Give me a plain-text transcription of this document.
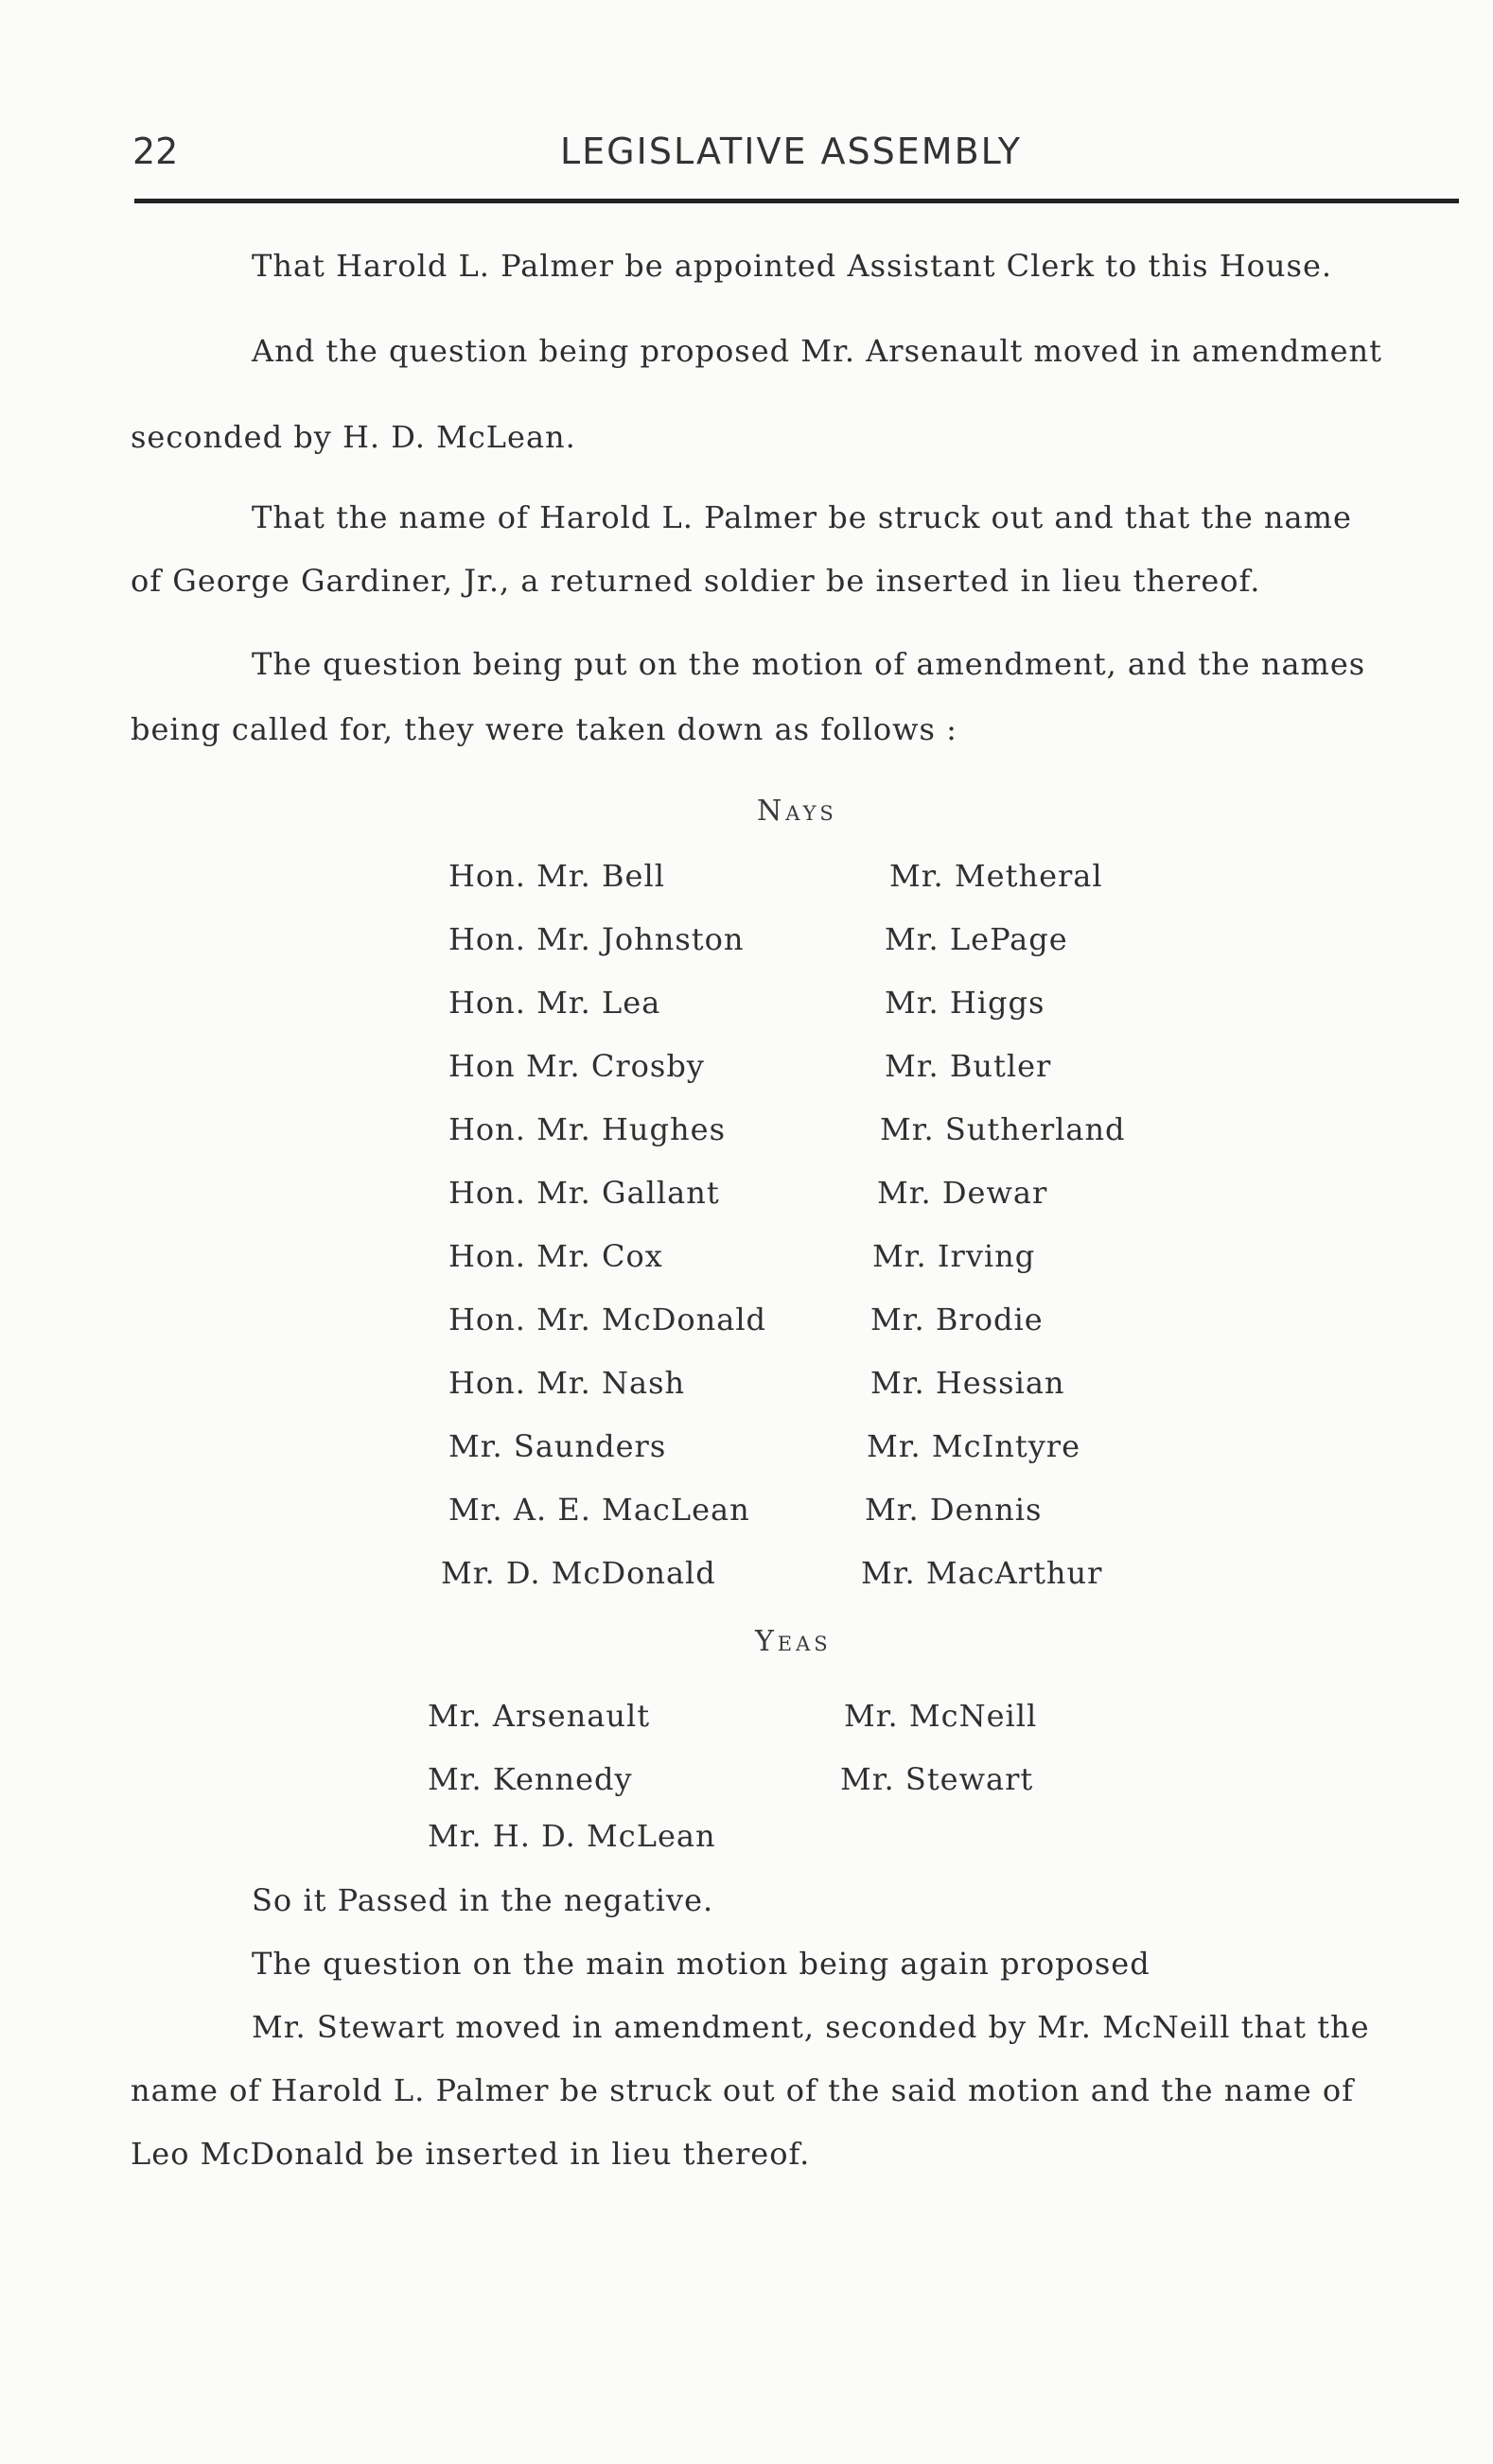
22	LEGISLATIVE ASSEMBLY
That Harold L. Palmer be appointed Assistant Clerk to this House.
And the question being proposed Mr. Arsenault moved in amendment
seconded by H. D. McLean.
That the name of Harold L. Palmer be struck out and that the name
of George Gardiner, Jr., a returned soldier be inserted in lieu thereof.
The question being put on the motion of amendment, and the names
being called for, they were taken down as follows :
Nays
Hon. Mr. Bell
Hon. Mr. Johnston
Hon. Mr. Lea
Hon Mr. Crosby
Hon. Mr. Hughes
Hon. Mr. Gallant
Hon. Mr. Cox
Hon. Mr. McDonald
Hon. Mr. Nash
Mr. Saunders
Mr. A. E. MacLean
Mr. D. McDonald
Mr. Metheral
Mr. LePage
Mr. Higgs
Mr. Butler
Mr. Sutherland
Mr. Dewar
Mr. Irving
Mr. Brodie
Mr. Hessian
Mr. McIntyre
Mr. Dennis
Mr. MacArthur
Yeas
Mr. Arsenault
Mr. Kennedy
Mr. H. D. McLean
Mr. McNeill
Mr. Stewart
So it Passed in the negative.
The question on the main motion being again proposed
Mr. Stewart moved in amendment, seconded by Mr. McNeill that the
name of Harold L. Palmer be struck out of the said motion and the name of
Leo McDonald be inserted in lieu thereof.
